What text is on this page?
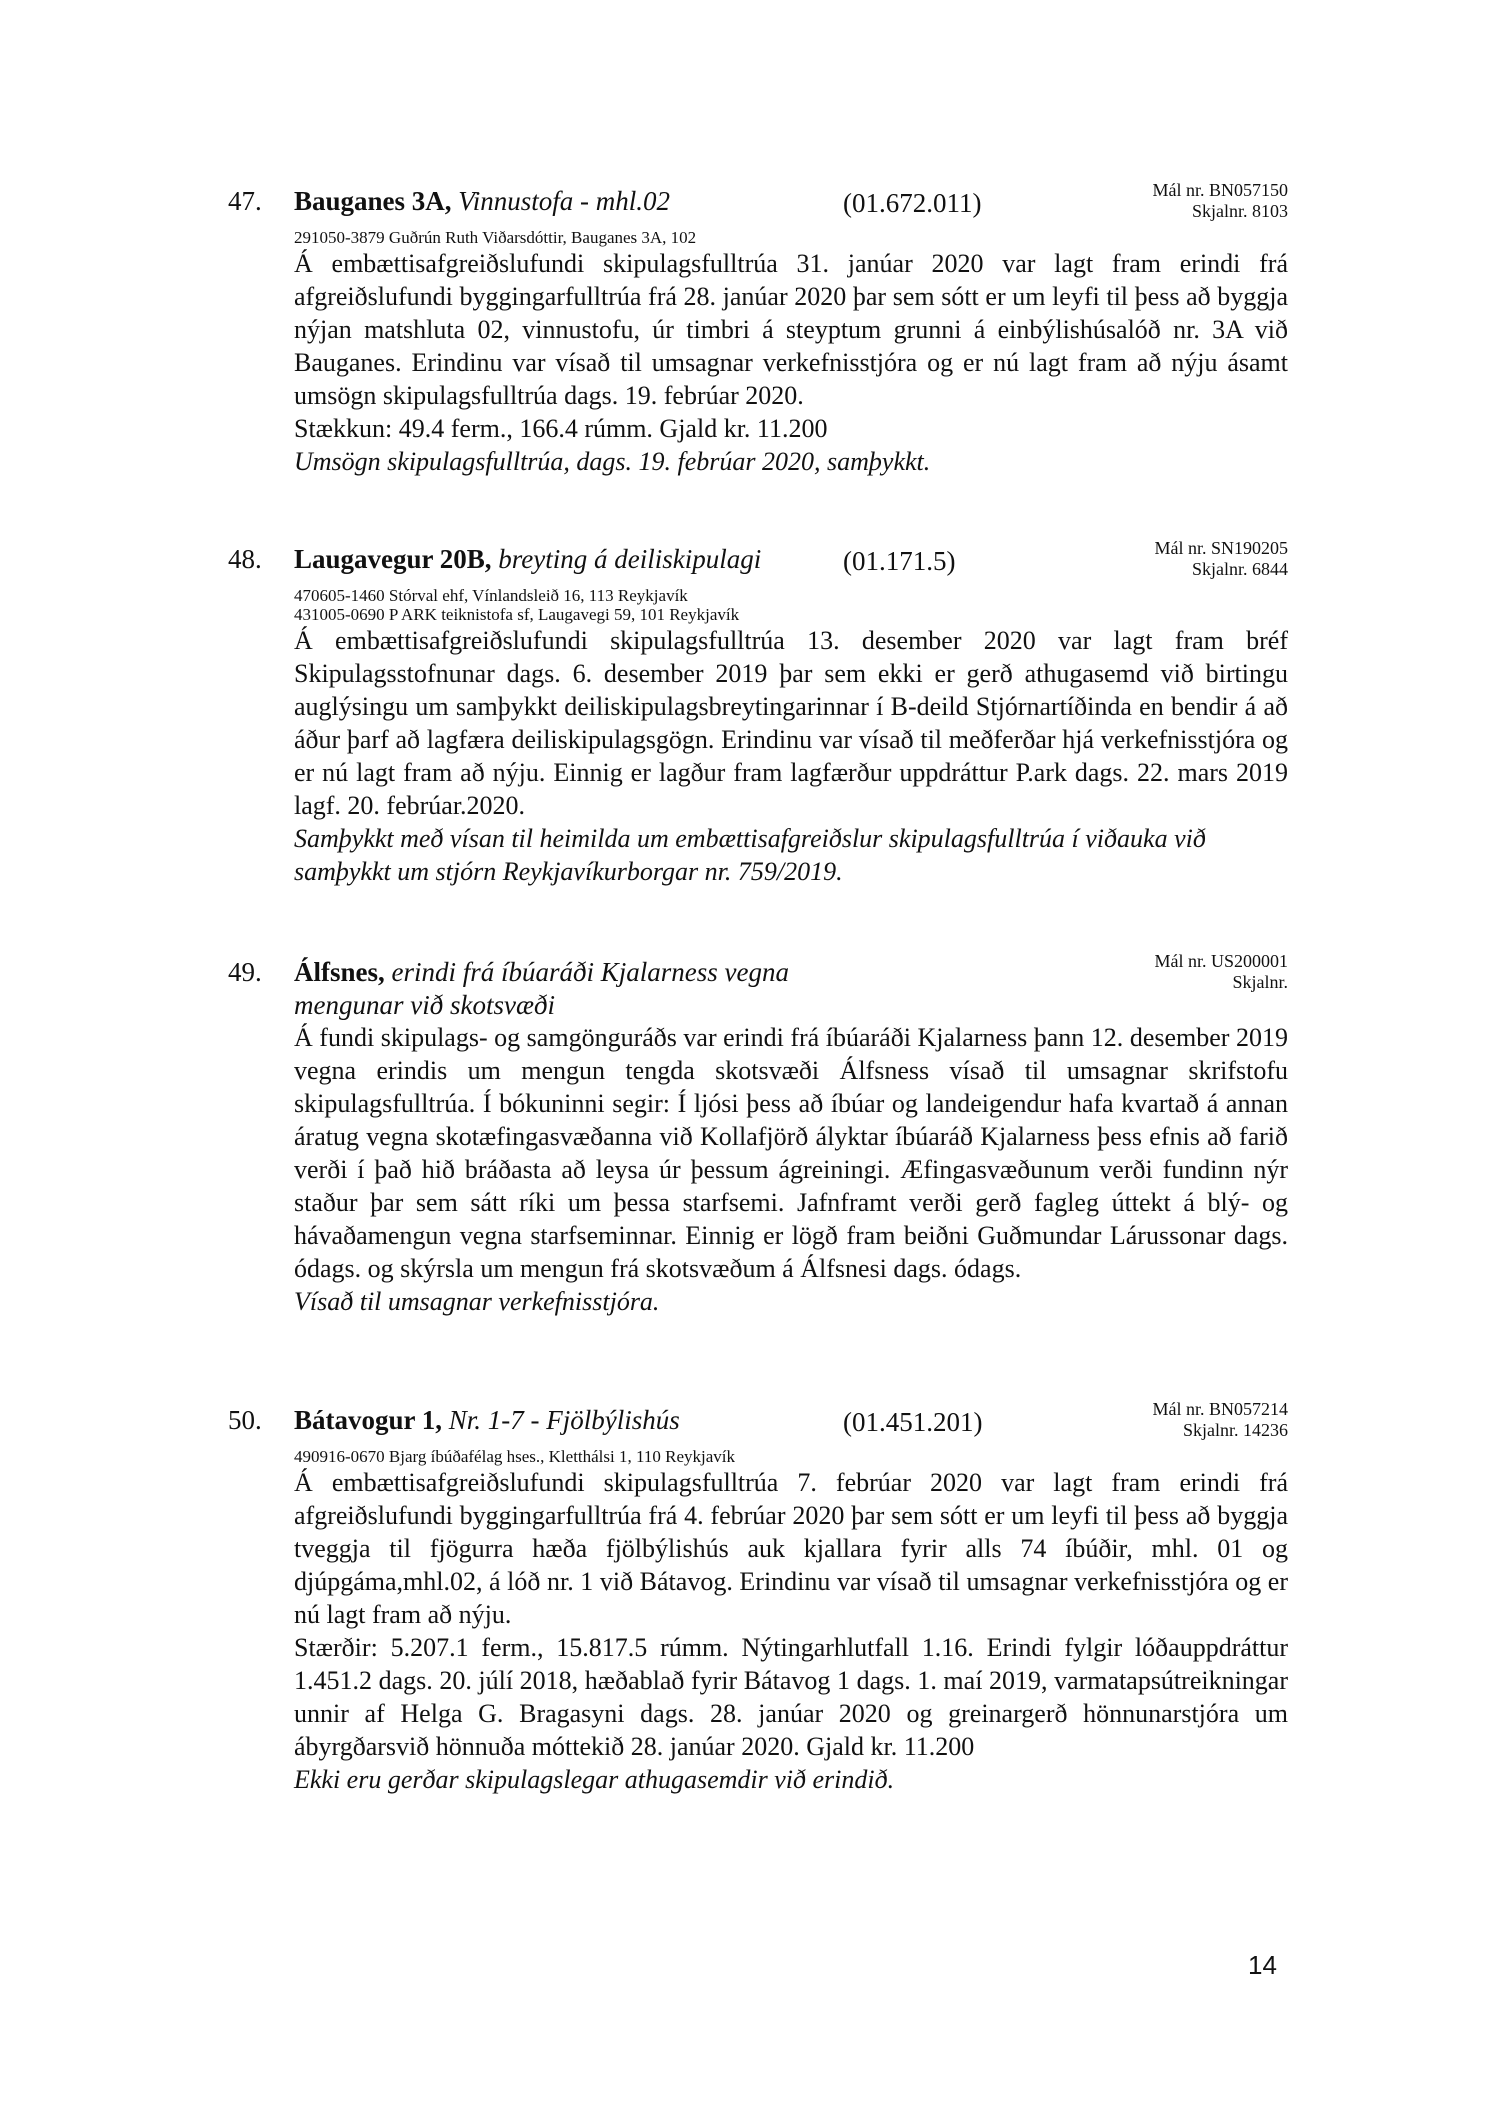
47. Bauganes 3A, Vinnustofa - mhl.02	(01.672.011)	Mál nr. BN057150
Skjalnr. 8103
291050-3879 Guðrún Ruth Viðarsdóttir, Bauganes 3A, 102

Á embættisafgreiðslufundi skipulagsfulltrúa 31. janúar 2020 var lagt fram erindi frá afgreiðslufundi byggingarfulltrúa frá 28. janúar 2020 þar sem sótt er um leyfi til þess að byggja nýjan matshluta 02, vinnustofu, úr timbri á steyptum grunni á einbýlishúsalóð nr. 3A við Bauganes. Erindinu var vísað til umsagnar verkefnisstjóra og er nú lagt fram að nýju ásamt umsögn skipulagsfulltrúa dags. 19. febrúar 2020.

Stækkun: 49.4 ferm., 166.4 rúmm. Gjald kr. 11.200

Umsögn skipulagsfulltrúa, dags. 19. febrúar 2020, samþykkt.
48. Laugavegur 20B, breyting á deiliskipulagi	(01.171.5)	Mál nr. SN190205
Skjalnr. 6844
470605-1460 Stórval ehf, Vínlandsleið 16, 113 Reykjavík
431005-0690 P ARK teiknistofa sf, Laugavegi 59, 101 Reykjavík

Á embættisafgreiðslufundi skipulagsfulltrúa 13. desember 2020 var lagt fram bréf Skipulagsstofnunar dags. 6. desember 2019 þar sem ekki er gerð athugasemd við birtingu auglýsingu um samþykkt deiliskipulagsbreytingarinnar í B-deild Stjórnartíðinda en bendir á að áður þarf að lagfæra deiliskipulagsgögn. Erindinu var vísað til meðferðar hjá verkefnisstjóra og er nú lagt fram að nýju. Einnig er lagður fram lagfærður uppdráttur P.ark dags. 22. mars 2019 lagf. 20. febrúar.2020.

Samþykkt með vísan til heimilda um embættisafgreiðslur skipulagsfulltrúa í viðauka við samþykkt um stjórn Reykjavíkurborgar nr. 759/2019.
49. Álfsnes, erindi frá íbúaráði Kjalarness vegna	Mál nr. US200001
Skjalnr.
mengunar við skotsvæði

Á fundi skipulags- og samgönguráðs var erindi frá íbúaráði Kjalarness þann 12. desember 2019 vegna erindis um mengun tengda skotsvæði Álfsness vísað til umsagnar skrifstofu skipulagsfulltrúa. Í bókuninni segir: Í ljósi þess að íbúar og landeigendur hafa kvartað á annan áratug vegna skotæfingasvæðanna við Kollafjörð ályktar íbúaráð Kjalarness þess efnis að farið verði í það hið bráðasta að leysa úr þessum ágreiningi. Æfingasvæðunum verði fundinn nýr staður þar sem sátt ríki um þessa starfsemi. Jafnframt verði gerð fagleg úttekt á blý- og hávaðamengun vegna starfseminnar. Einnig er lögð fram beiðni Guðmundar Lárussonar dags. ódags. og skýrsla um mengun frá skotsvæðum á Álfsnesi dags. ódags.

Vísað til umsagnar verkefnisstjóra.
50. Bátavogur 1, Nr. 1-7 - Fjölbýlishús	(01.451.201)	Mál nr. BN057214
Skjalnr. 14236
490916-0670 Bjarg íbúðafélag hses., Kletthálsi 1, 110 Reykjavík

Á embættisafgreiðslufundi skipulagsfulltrúa 7. febrúar 2020 var lagt fram erindi frá afgreiðslufundi byggingarfulltrúa frá 4. febrúar 2020 þar sem sótt er um leyfi til þess að byggja tveggja til fjögurra hæða fjölbýlishús auk kjallara fyrir alls 74 íbúðir, mhl. 01 og djúpgáma,mhl.02, á lóð nr. 1 við Bátavog. Erindinu var vísað til umsagnar verkefnisstjóra og er nú lagt fram að nýju.

Stærðir: 5.207.1 ferm., 15.817.5 rúmm. Nýtingarhlutfall 1.16. Erindi fylgir lóðauppdráttur 1.451.2 dags. 20. júlí 2018, hæðablað fyrir Bátavog 1 dags. 1. maí 2019, varmatapsútreikningar unnir af Helga G. Bragasyni dags. 28. janúar 2020 og greinargerð hönnunarstjóra um ábyrgðarsvið hönnuða móttekið 28. janúar 2020. Gjald kr. 11.200

Ekki eru gerðar skipulagslegar athugasemdir við erindið.
14
